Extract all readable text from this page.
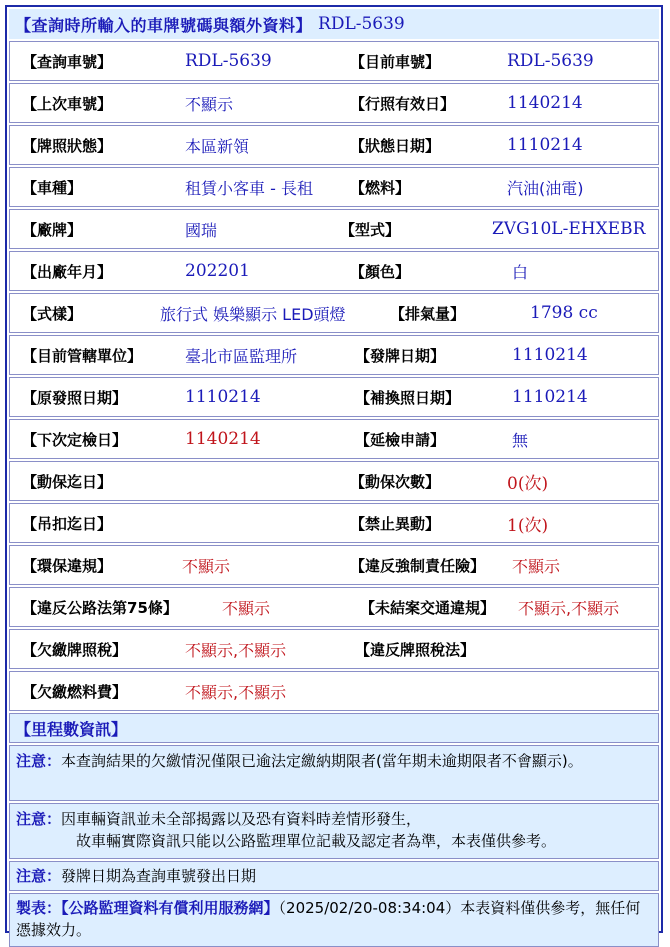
【查詢時所輸入的車牌號碼與額外資料】 RDL-5639
【查詢車號】	RDL-5639	【目前車號】	RDL-5639
【上次車號】	不顯示	【行照有效日】	1140214
【牌照狀態】	本區新領	【狀態日期】	1110214
【車種】	租賃小客車 - 長租 【燃料】	汽油(油電)
【廠牌】	國瑞	【型式】	ZVG10L-EHXEBR
【出廠年月】	202201	【顏色】	白
【式樣】	旅行式 娛樂顯示 LED頭燈	【排氣量】	1798 cc
【目前管轄單位】	臺北市區監理所	【發牌日期】	1110214
【原發照日期】	1110214	【補換照日期】	1110214
【下次定檢日】	1140214	【延檢申請】	無
【動保迄日】	【動保次數】	0(次)
【吊扣迄日】	【禁止異動】	1(次)
【環保違規】	不顯示	【違反強制責任險】 不顯示
【違反公路法第75條】	不顯示	【未結案交通違規】 不顯示,不顯示
【欠繳牌照稅】	不顯示,不顯示	【違反牌照稅法】
【欠繳燃料費】	不顯示,不顯示
【里程數資訊】
注意：本查詢結果的欠繳情況僅限已逾法定繳納期限者(當年期未逾期限者不會顯示)。
注意：因車輛資訊並未全部揭露以及恐有資料時差情形發生，
故車輛實際資訊只能以公路監理單位記載及認定者為準，本表僅供參考。
注意：發牌日期為查詢車號發出日期
製表：【公路監理資料有償利用服務網】（2025/02/20-08:34:04）本表資料僅供參考，無任何憑據效力。
